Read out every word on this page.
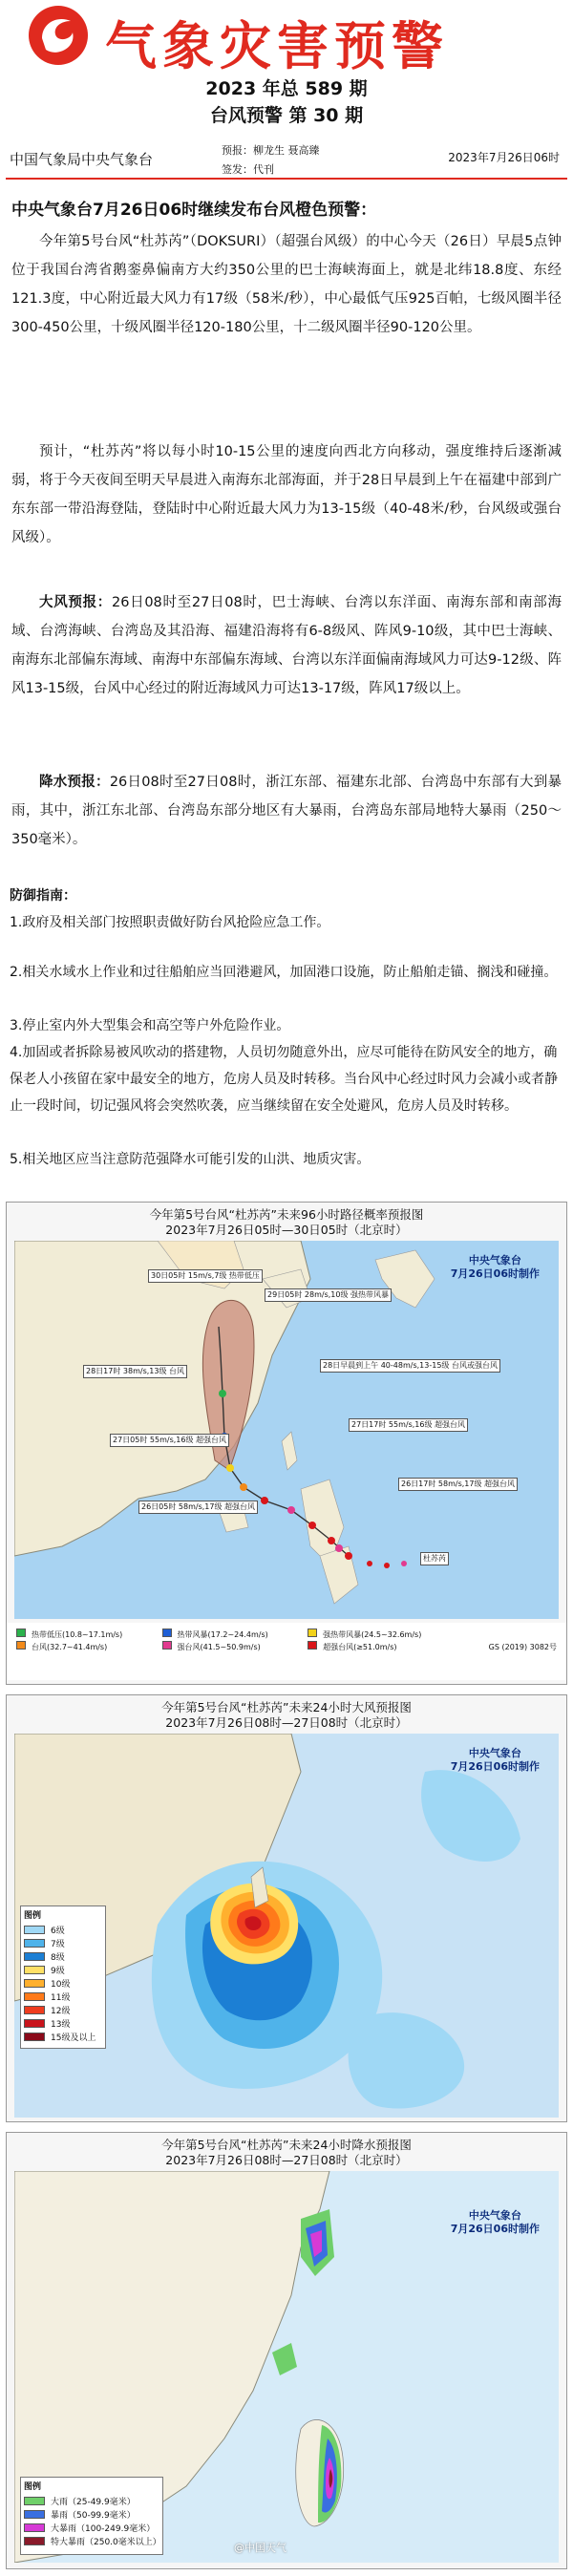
气象灾害预警
2023 年总 589 期
台风预警 第 30 期
中国气象局中央气象台
预报：柳龙生 聂高臻
签发：代刊
2023年7月26日06时
中央气象台7月26日06时继续发布台风橙色预警：
今年第5号台风“杜苏芮”（DOKSURI）（超强台风级）的中心今天（26日）早晨5点钟位于我国台湾省鹅銮鼻偏南方大约350公里的巴士海峡海面上，就是北纬18.8度、东经121.3度，中心附近最大风力有17级（58米/秒），中心最低气压925百帕，七级风圈半径300-450公里，十级风圈半径120-180公里，十二级风圈半径90-120公里。
预计，“杜苏芮”将以每小时10-15公里的速度向西北方向移动，强度维持后逐渐减弱，将于今天夜间至明天早晨进入南海东北部海面，并于28日早晨到上午在福建中部到广东东部一带沿海登陆，登陆时中心附近最大风力为13-15级（40-48米/秒，台风级或强台风级）。
大风预报：26日08时至27日08时，巴士海峡、台湾以东洋面、南海东部和南部海域、台湾海峡、台湾岛及其沿海、福建沿海将有6-8级风、阵风9-10级，其中巴士海峡、南海东北部偏东海域、南海中东部偏东海域、台湾以东洋面偏南海域风力可达9-12级、阵风13-15级，台风中心经过的附近海域风力可达13-17级，阵风17级以上。
降水预报：26日08时至27日08时，浙江东部、福建东北部、台湾岛中东部有大到暴雨，其中，浙江东北部、台湾岛东部分地区有大暴雨，台湾岛东部局地特大暴雨（250～350毫米）。
防御指南：
1.政府及相关部门按照职责做好防台风抢险应急工作。
2.相关水域水上作业和过往船舶应当回港避风，加固港口设施，防止船舶走锚、搁浅和碰撞。
3.停止室内外大型集会和高空等户外危险作业。
4.加固或者拆除易被风吹动的搭建物，人员切勿随意外出，应尽可能待在防风安全的地方，确保老人小孩留在家中最安全的地方，危房人员及时转移。当台风中心经过时风力会减小或者静止一段时间，切记强风将会突然吹袭，应当继续留在安全处避风，危房人员及时转移。
5.相关地区应当注意防范强降水可能引发的山洪、地质灾害。
今年第5号台风“杜苏芮”未来96小时路径概率预报图
2023年7月26日05时—30日05时（北京时）
中央气象台
7月26日06时制作
30日05时 15m/s,7级 热带低压
29日05时 28m/s,10级 强热带风暴
28日17时 38m/s,13级 台风
28日早晨到上午 40-48m/s,13-15级 台风或强台风
27日17时 55m/s,16级 超强台风
27日05时 55m/s,16级 超强台风
26日17时 58m/s,17级 超强台风
26日05时 58m/s,17级 超强台风
杜苏芮
热带低压(10.8~17.1m/s)	热带风暴(17.2~24.4m/s)	强热带风暴(24.5~32.6m/s) 台风(32.7~41.4m/s)	强台风(41.5~50.9m/s)	超强台风(≥51.0m/s)	GS (2019) 3082号
今年第5号台风“杜苏芮”未来24小时大风预报图
2023年7月26日08时—27日08时（北京时）
中央气象台
7月26日06时制作
图例
6级
7级
8级
9级
10级
11级
12级
13级
15级及以上
今年第5号台风“杜苏芮”未来24小时降水预报图
2023年7月26日08时—27日08时（北京时）
中央气象台
7月26日06时制作
图例
大雨（25-49.9毫米）
暴雨（50-99.9毫米）
大暴雨（100-249.9毫米）
特大暴雨（250.0毫米以上）	@中国天气
